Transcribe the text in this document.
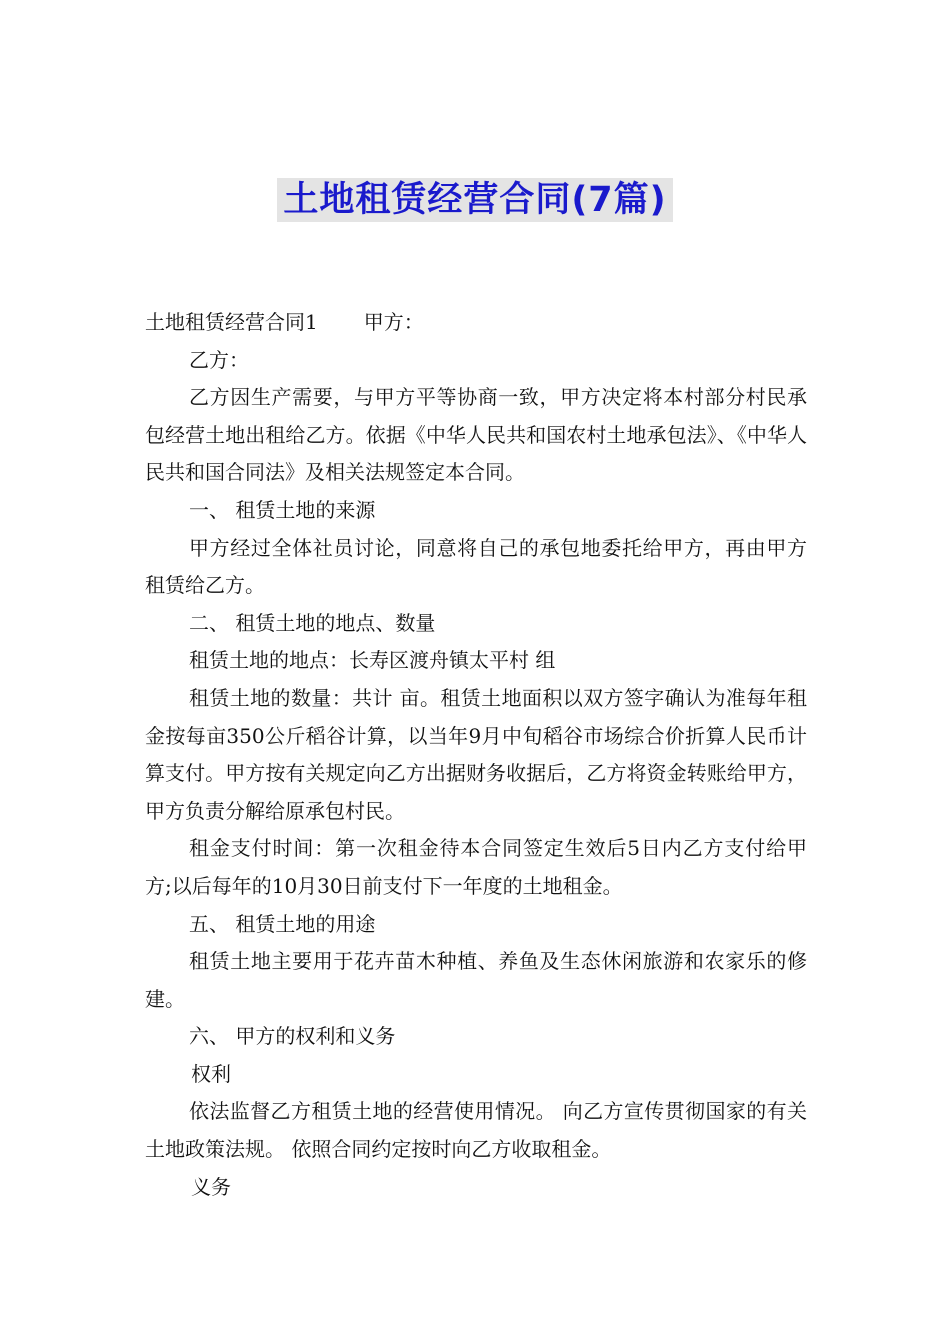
土地租赁经营合同(7篇)

土地租赁经营合同1 甲方：

乙方：

乙方因生产需要，与甲方平等协商一致，甲方决定将本村部分村民承包经营土地出租给乙方。依据《中华人民共和国农村土地承包法》、《中华人民共和国合同法》及相关法规签定本合同。

一、 租赁土地的来源

甲方经过全体社员讨论，同意将自己的承包地委托给甲方，再由甲方租赁给乙方。

二、 租赁土地的地点、数量

租赁土地的地点：长寿区渡舟镇太平村 组

租赁土地的数量：共计 亩。租赁土地面积以双方签字确认为准每年租金按每亩350公斤稻谷计算，以当年9月中旬稻谷市场综合价折算人民币计算支付。甲方按有关规定向乙方出据财务收据后，乙方将资金转账给甲方，甲方负责分解给原承包村民。

租金支付时间：第一次租金待本合同签定生效后5日内乙方支付给甲方;以后每年的10月30日前支付下一年度的土地租金。

五、 租赁土地的用途

租赁土地主要用于花卉苗木种植、养鱼及生态休闲旅游和农家乐的修建。

六、 甲方的权利和义务

权利

依法监督乙方租赁土地的经营使用情况。 向乙方宣传贯彻国家的有关土地政策法规。 依照合同约定按时向乙方收取租金。

义务
